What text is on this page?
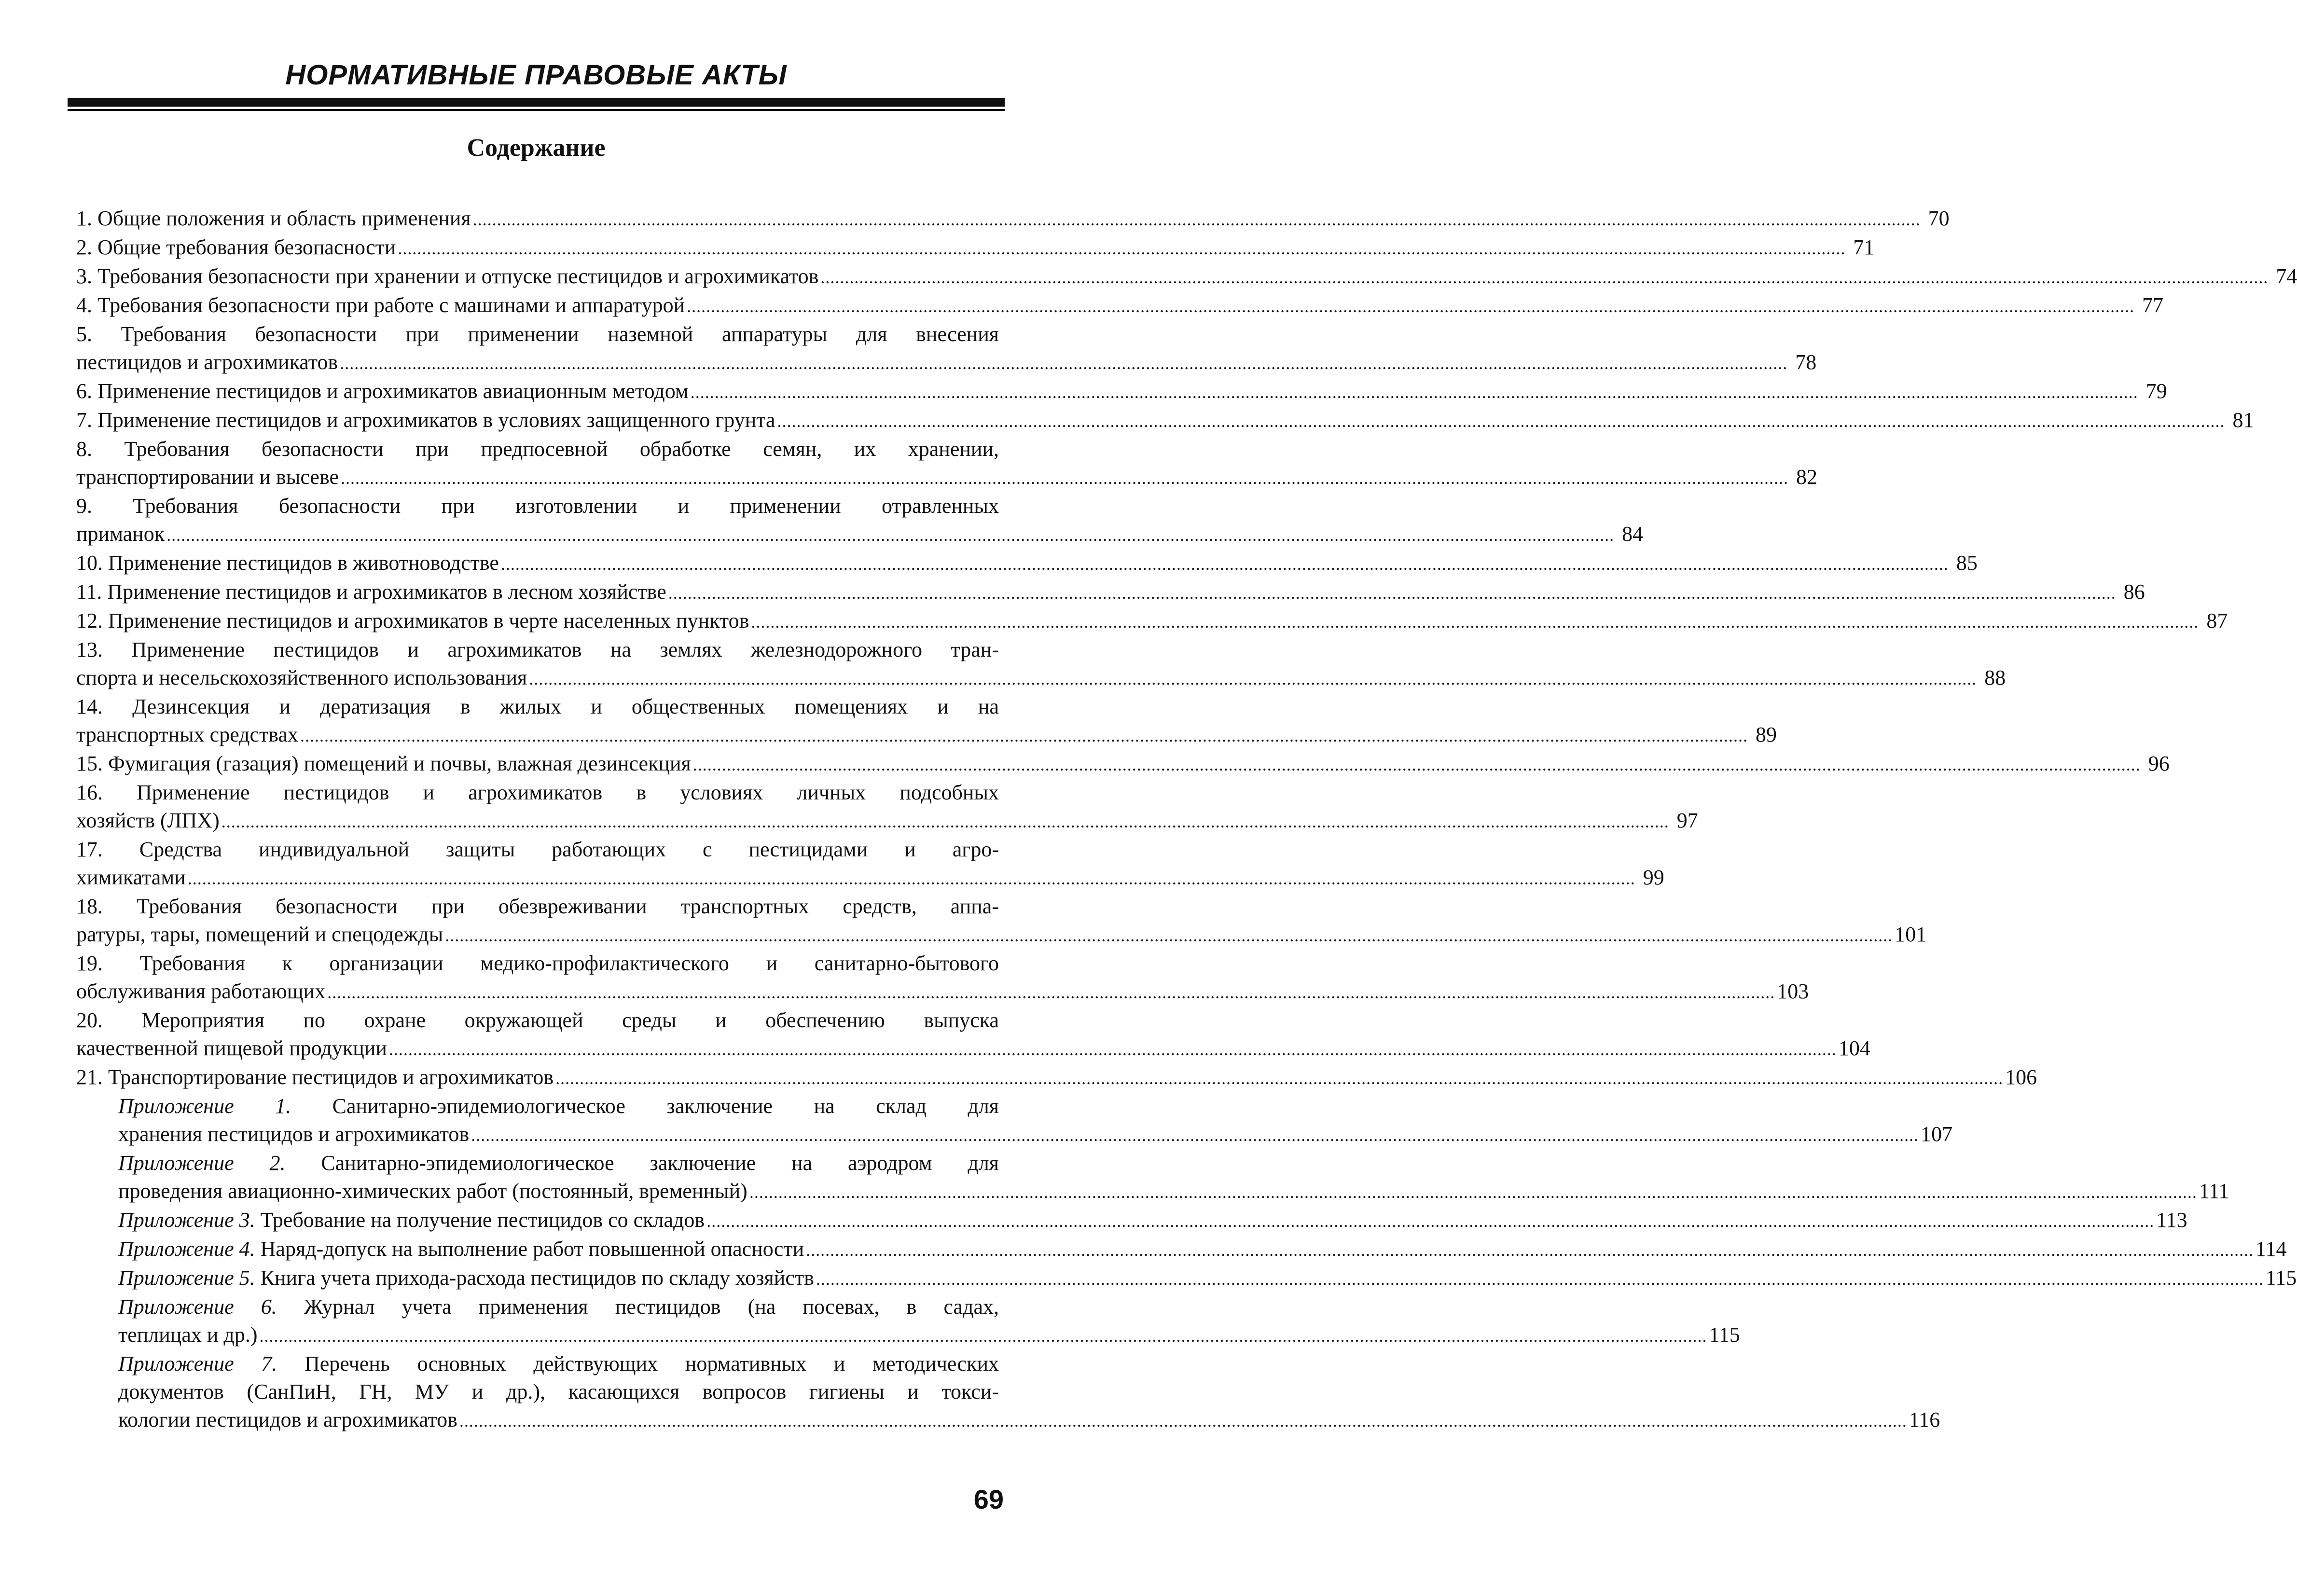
НОРМАТИВНЫЕ ПРАВОВЫЕ АКТЫ
Содержание
1. Общие положения и область применения ............................................................................................................................................................................................................................................................................................................ 70
2. Общие требования безопасности ............................................................................................................................................................................................................................................................................................................ 71
3. Требования безопасности при хранении и отпуске пестицидов и агрохимикатов ............................................................................................................................................................................................................................................................................................................ 74
4. Требования безопасности при работе с машинами и аппаратурой ............................................................................................................................................................................................................................................................................................................ 77
5. Требования безопасности при применении наземной аппаратуры для внесения
пестицидов и агрохимикатов ............................................................................................................................................................................................................................................................................................................ 78
6. Применение пестицидов и агрохимикатов авиационным методом ............................................................................................................................................................................................................................................................................................................ 79
7. Применение пестицидов и агрохимикатов в условиях защищенного грунта ............................................................................................................................................................................................................................................................................................................ 81
8. Требования безопасности при предпосевной обработке семян, их хранении,
транспортировании и высеве ............................................................................................................................................................................................................................................................................................................ 82
9. Требования безопасности при изготовлении и применении отравленных
приманок ............................................................................................................................................................................................................................................................................................................ 84
10. Применение пестицидов в животноводстве ............................................................................................................................................................................................................................................................................................................ 85
11. Применение пестицидов и агрохимикатов в лесном хозяйстве ............................................................................................................................................................................................................................................................................................................ 86
12. Применение пестицидов и агрохимикатов в черте населенных пунктов ............................................................................................................................................................................................................................................................................................................ 87
13. Применение пестицидов и агрохимикатов на землях железнодорожного тран-
спорта и несельскохозяйственного использования ............................................................................................................................................................................................................................................................................................................ 88
14. Дезинсекция и дератизация в жилых и общественных помещениях и на
транспортных средствах ............................................................................................................................................................................................................................................................................................................ 89
15. Фумигация (газация) помещений и почвы, влажная дезинсекция ............................................................................................................................................................................................................................................................................................................ 96
16. Применение пестицидов и агрохимикатов в условиях личных подсобных
хозяйств (ЛПХ) ............................................................................................................................................................................................................................................................................................................ 97
17. Средства индивидуальной защиты работающих с пестицидами и агро-
химикатами ............................................................................................................................................................................................................................................................................................................ 99
18. Требования безопасности при обезвреживании транспортных средств, аппа-
ратуры, тары, помещений и спецодежды ............................................................................................................................................................................................................................................................................................................ 101
19. Требования к организации медико-профилактического и санитарно-бытового
обслуживания работающих ............................................................................................................................................................................................................................................................................................................ 103
20. Мероприятия по охране окружающей среды и обеспечению выпуска
качественной пищевой продукции ............................................................................................................................................................................................................................................................................................................ 104
21. Транспортирование пестицидов и агрохимикатов ............................................................................................................................................................................................................................................................................................................ 106
Приложение 1. Санитарно-эпидемиологическое заключение на склад для
хранения пестицидов и агрохимикатов ............................................................................................................................................................................................................................................................................................................ 107
Приложение 2. Санитарно-эпидемиологическое заключение на аэродром для
проведения авиационно-химических работ (постоянный, временный) ............................................................................................................................................................................................................................................................................................................ 111
Приложение 3. Требование на получение пестицидов со складов ............................................................................................................................................................................................................................................................................................................ 113
Приложение 4. Наряд-допуск на выполнение работ повышенной опасности ............................................................................................................................................................................................................................................................................................................ 114
Приложение 5. Книга учета прихода-расхода пестицидов по складу хозяйств ............................................................................................................................................................................................................................................................................................................ 115
Приложение 6. Журнал учета применения пестицидов (на посевах, в садах,
теплицах и др.) ............................................................................................................................................................................................................................................................................................................ 115
Приложение 7. Перечень основных действующих нормативных и методических
документов (СанПиН, ГН, МУ и др.), касающихся вопросов гигиены и токси-
кологии пестицидов и агрохимикатов ............................................................................................................................................................................................................................................................................................................ 116
69
